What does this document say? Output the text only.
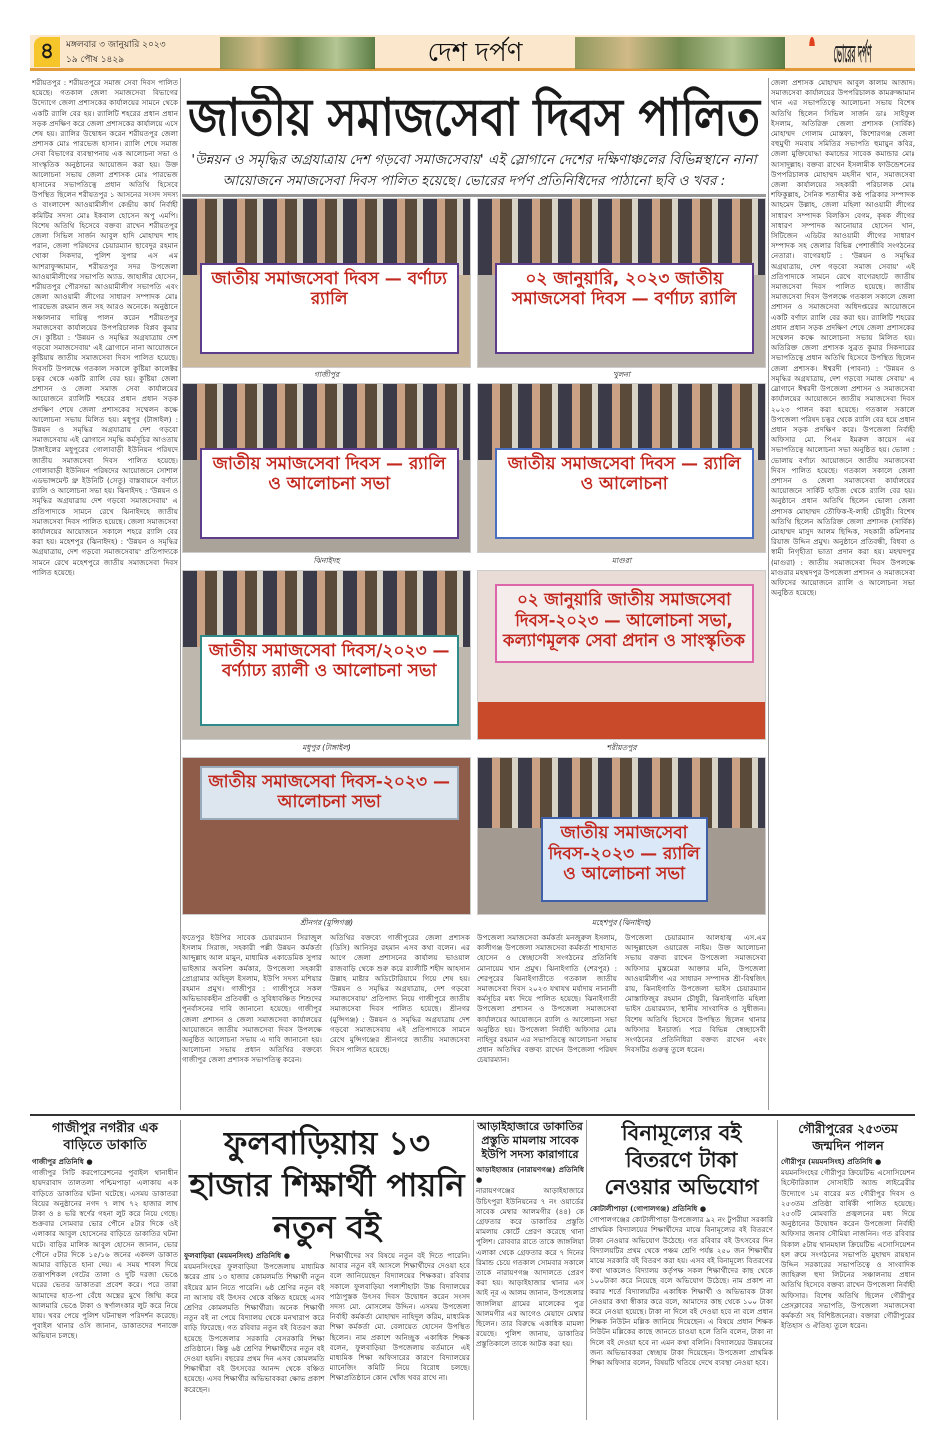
৪	মঙ্গলবার ৩ জানুয়ারি ২০২৩
১৯ পৌষ ১৪২৯	দেশ দর্পণ	ভোরের দর্পণ

শরীয়তপুর : শরীয়তপুরে সমাজ সেবা দিবস পালিত হয়েছে। গতকাল জেলা সমাজসেবা বিভাগের উদ্যোগে জেলা প্রশাসকের কার্যালয়ের সামনে থেকে একটি র‌্যালি বের হয়। র‌্যালিটি শহরের প্রধান প্রধান সড়ক প্রদক্ষিণ করে জেলা প্রশাসকের কার্যালয়ে এসে শেষ হয়। র‌্যালির উদ্বোধন করেন শরীয়তপুর জেলা প্রশাসক মোঃ পারভেজ হাসান। র‌্যালি শেষে সমাজ সেবা বিভাগের ব্যবস্থাপনায় এক আলোচনা সভা ও সাংস্কৃতিক অনুষ্ঠানের আয়োজন করা হয়। উক্ত আলোচনা সভায় জেলা প্রশাসক মোঃ পারভেজ হাসানের সভাপতিত্বে প্রধান অতিথি হিসেবে উপস্থিত ছিলেন শরীয়তপুর ১ আসনের সংসদ সদস্য ও বাংলাদেশ আওয়ামীলীগ কেন্দ্রীয় কার্য নির্বাহী কমিটির সদস্য মোঃ ইকবাল হোসেন অপু এমপি। বিশেষ অতিথি হিসেবে বক্তব্য রাখেন শরীয়তপুর জেলা সিভিল সার্জন আবুল হাদি মোহাম্মদ শাহ পরান, জেলা পরিষদের চেয়ারম্যান ছাবেদুর রহমান খোকা সিকদার, পুলিশ সুপার এস এম আশরাফুজ্জামান, শরীয়তপুর সদর উপজেলা আওয়ামীলীগের সভাপতি অ্যাড. জাহাঙ্গীর হোসেন, শরীয়তপুর পৌরসভা আওয়ামীলীগ সভাপতি এবং জেলা আওয়ামী লীগের সাধারণ সম্পাদক মোঃ পারভেজ রহমান জন সহ আরও অনেকে। অনুষ্ঠানে সঞ্চালনার দায়িত্ব পালন করেন শরীয়তপুর সমাজসেবা কার্যালয়ের উপপরিচালক বিপ্লব কুমার দে। কুষ্টিয়া : 'উন্নয়ন ও সমৃদ্ধির অগ্রযাত্রায় দেশ গড়বো সমাজসেবায়' এই স্লোগানে নানা আয়োজনে কুষ্টিয়ায় জাতীয় সমাজসেবা দিবস পালিত হয়েছে। দিবসটি উপলক্ষে গতকাল সকালে কুষ্টিয়া কালেক্টর চত্বর থেকে একটি র‌্যালি বের হয়। কুষ্টিয়া জেলা প্রশাসন ও জেলা সমাজ সেবা কার্যালয়ের আয়োজনে র‌্যালিটি শহরের প্রধান প্রধান সড়ক প্রদক্ষিণ শেষে জেলা প্রশাসকের সম্মেলন কক্ষে আলোচনা সভায় মিলিত হয়। মধুপুর (টাঙ্গাইল) : উন্নয়ন ও সমৃদ্ধির অগ্রযাত্রায় দেশ গড়বো সমাজসেবায় এই স্লোগানে সমৃদ্ধি কর্মসূচির আওতায় টাঙ্গাইলের মধুপুরের গোলাবাড়ী ইউনিয়ন পরিষদে জাতীয় সমাজসেবা দিবস পালিত হয়েছে। গোলাবাড়ী ইউনিয়ন পরিষদের আয়োজনে সোশাল এডভান্সমেন্ট থ্রু ইউনিটি (সেতু) বাস্তবায়নে বর্ণাঢ্য র‌্যালি ও আলোচনা সভা হয়। ঝিনাইদহ : 'উন্নয়ন ও সমৃদ্ধির অগ্রযাত্রায় দেশ গড়বো সমাজসেবায়' এ প্রতিপাদ্যকে সামনে রেখে ঝিনাইদহে জাতীয় সমাজসেবা দিবস পালিত হয়েছে। জেলা সমাজসেবা কার্যালয়ের আয়োজনে সকালে শহরে র‌্যালি বের করা হয়। মহেশপুর (ঝিনাইদহ) : 'উন্নয়ন ও সমৃদ্ধির অগ্রযাত্রায়, দেশ গড়বো সমাজসেবায়' প্রতিপাদ্যকে সামনে রেখে মহেশপুরে জাতীয় সমাজসেবা দিবস পালিত হয়েছে।

জাতীয় সমাজসেবা দিবস পালিত
'উন্নয়ন ও সমৃদ্ধির অগ্রযাত্রায় দেশ গড়বো সমাজসেবায়' এই স্লোগানে দেশের দক্ষিণাঞ্চলের বিভিন্নস্থানে নানা আয়োজনে সমাজসেবা দিবস পালিত হয়েছে। ভোরের দর্পণ প্রতিনিধিদের পাঠানো ছবি ও খবর :
জাতীয় সমাজসেবা দিবস — বর্ণাঢ্য র‌্যালি
গাজীপুর
০২ জানুয়ারি, ২০২৩ জাতীয় সমাজসেবা দিবস — বর্ণাঢ্য র‌্যালি
খুলনা
জাতীয় সমাজসেবা দিবস — র‌্যালি ও আলোচনা সভা
ঝিনাইদহ
জাতীয় সমাজসেবা দিবস — র‌্যালি ও আলোচনা
মাগুরা
জাতীয় সমাজসেবা দিবস/২০২৩ — বর্ণ্যাঢ্য র‌্যালী ও আলোচনা সভা
মধুপুর (টাঙ্গাইল)
০২ জানুয়ারি জাতীয় সমাজসেবা দিবস-২০২৩ — আলোচনা সভা, কল্যাণমূলক সেবা প্রদান ও সাংস্কৃতিক
শরীয়তপুর
জাতীয় সমাজসেবা দিবস-২০২৩ — আলোচনা সভা
শ্রীনগর (মুন্সিগঞ্জ)
জাতীয় সমাজসেবা দিবস-২০২৩ — র‌্যালি ও আলোচনা সভা
মহেশপুর (ঝিনাইদহ)

ফতেপুর ইউপির সাবেক চেয়ারম্যান সিরাজুল ইসলাম সিরাজ, সহকারী পল্লী উন্নয়ন কর্মকর্তা আব্দুল্লাহ আল মামুন, মাধ্যমিক একাডেমিক সুপার ভাইজার অবনিশ কর্মকার, উপজেলা সহকারী প্রোগ্রামার অহিদুল ইসলাম, ইউপি সদস্য মশিয়ার রহমান প্রমুখ। গাজীপুর : গাজীপুরে সকল অভিভাবকহীন প্রতিবন্ধী ও সুবিধাবঞ্চিত শিশুদের পুনর্বাসনের দাবি জানানো হয়েছে। গাজীপুর জেলা প্রশাসন ও জেলা সমাজসেবা কার্যালয়ের আয়োজনে জাতীয় সমাজসেবা দিবস উপলক্ষে অনুষ্ঠিত আলোচনা সভায় এ দাবি জানানো হয়। আলোচনা সভায় প্রধান অতিথির বক্তব্যে গাজীপুর জেলা প্রশাসক সভাপতিত্ব করেন।

অতিথির বক্তব্যে গাজীপুরের জেলা প্রশাসক (ডিসি) আনিসুর রহমান এসব কথা বলেন। এর আগে জেলা প্রশাসনের কার্যালয় ভাওয়াল রাজবাড়ি থেকে শুরু করে র‌্যালীটি শহীদ আহসান উল্লাহ মাষ্টার অডিটোরিয়ামে গিয়ে শেষ হয়। 'উন্নয়ন ও সমৃদ্ধির অগ্রযাত্রায়, দেশ গড়বো সমাজসেবায়' প্রতিপাদ্য নিয়ে গাজীপুরে জাতীয় সমাজসেবা দিবস পালিত হয়েছে। শ্রীনগর (মুন্সিগঞ্জ) : উন্নয়ন ও সমৃদ্ধির অগ্রযাত্রায় দেশ গড়বো সমাজসেবায় এই প্রতিপাদ্যকে সামনে রেখে মুন্সিগঞ্জের শ্রীনগরে জাতীয় সমাজসেবা দিবস পালিত হয়েছে।

উপজেলা সমাজসেবা কর্মকর্তা মনজুরুল ইসলাম, কালীগঞ্জ উপজেলা সমাজসেবা কর্মকর্তা শাহাদাত হোসেন ও স্বেচ্ছাসেবী সংগঠনের প্রতিনিধি মোনায়েম খান প্রমুখ। ঝিনাইগাতি (শেরপুর) : শেরপুরের ঝিনাইগাতীতে গতকাল জাতীয় সমাজসেবা দিবস ২০২৩ যথাযথ মর্যাদায় নানানাী কর্মসূচির মধ্য দিয়ে পালিত হয়েছে। ঝিনাইগাতী উপজেলা প্রশাসন ও উপজেলা সমাজসেবা কার্যালয়ের আয়োজনে র‌্যালি ও আলোচনা সভা অনুষ্ঠিত হয়। উপজেলা নির্বাহী অফিসার মোঃ নাহিদুর রহমান এর সভাপতিত্বে আলোচনা সভায় প্রধান অতিথির বক্তব্য রাখেন উপজেলা পরিষদ চেয়ারম্যান।

উপজেলা চেয়ারম্যান আলহাজ্ব এস.এম আব্দুল্লাহেল ওয়ারেজ নাইম। উক্ত আলোচনা সভায় বক্তব্য রাখেন উপজেলা সমাজসেবা অফিসার মুস্তমেরা আক্তার মনি, উপজেলা আওয়ামীলীগ এর সাধারন সম্পাদক শ্রী-বিশ্বজিৎ রায়, ঝিনাইগাতি উপজেলা ভাইস চেয়ারম্যান মোস্তাফিজুর রহমান চৌধুরী, ঝিনাইগাতি মহিলা ভাইস চেয়ারম্যান, স্থানীয় সাংবাদিক ও সুধীজন। বিশেষ অতিথি হিসেবে উপস্থিত ছিলেন থানার অফিসার ইনচার্জ। পরে বিভিন্ন স্বেচ্ছাসেবী সংগঠনের প্রতিনিধিরা বক্তব্য রাখেন এবং দিবসটির গুরুত্ব তুলে ধরেন।

জেলা প্রশাসক মোহাম্মদ আবুল কালাম আজাদ। সমাজসেবা কার্যালয়ের উপপরিচালক কামরুজ্জামান খান এর সভাপতিত্বে আলোচনা সভায় বিশেষ অতিথি ছিলেন সিভিল সার্জন ডাঃ সাইফুল ইসলাম, অতিরিক্ত জেলা প্রশাসক (সার্বিক) মোহাম্মদ গোলাম মোস্তফা, কিশোরগঞ্জ জেলা বহুমুখী সমবায় সমিতির সভাপতি হুমায়ুন কবির, জেলা মুক্তিযোদ্ধা কমান্ডের সাবেক কমান্ডার মোঃ আসাদুল্লাহ। বক্তব্য রাখেন ইসলামীক ফাউন্ডেশনের উপপরিচালক মোহাম্মদ মহসীন খান, সমাজসেবা জেলা কার্যালয়ের সহকারী পরিচালক মোঃ শফিকুল্লাহ, সৈনিক শতাব্দীর কণ্ঠ পত্রিকার সম্পাদক আহমেদ উল্লাহ, জেলা মহিলা আওয়ামী লীগের সাধারণ সম্পাদক বিলকিস বেগম, কৃষক লীগের সাধারণ সম্পাদক আনোয়ার হোসেন খান, সিটিজেন এডিটর আওয়ামী লীগের সাধারণ সম্পাদক সহ জেলার বিভিন্ন পেশাজীবি সংগঠনের নেতারা। বাগেরহাট : 'উন্নয়ন ও সমৃদ্ধির অগ্রযাত্রায়, দেশ গড়বো সমাজ সেবায়' এই প্রতিপাদ্যকে সামনে রেখে বাগেরহাটে জাতীয় সমাজসেবা দিবস পালিত হয়েছে। জাতীয় সমাজসেবা দিবস উপলক্ষে গতকাল সকালে জেলা প্রশাসন ও সমাজসেবা অধিদপ্তরের আয়োজনে একটি বর্ণাঢ্য র‌্যালি বের করা হয়। র‌্যালিটি শহরের প্রধান প্রধান সড়ক প্রদক্ষিণ শেষে জেলা প্রশাসকের সম্মেলন কক্ষে আলোচনা সভায় মিলিত হয়। অতিরিক্ত জেলা প্রশাসক সুব্রত কুমার সিকদারের সভাপতিত্বে প্রধান অতিথি হিসেবে উপস্থিত ছিলেন জেলা প্রশাসক। ঈশ্বরদী (পাবনা) : 'উন্নয়ন ও সমৃদ্ধির অগ্রযাত্রায়, দেশ গড়বো সমাজ সেবায়' এ স্লোগানে ঈশ্বরদী উপজেলা প্রশাসন ও সমাজসেবা কার্যালয়ের আয়োজনে জাতীয় সমাজসেবা দিবস ২০২৩ পালন করা হয়েছে। গতকাল সকালে উপজেলা পরিষদ চত্বর থেকে র‌্যালি বের হয়ে প্রধান প্রধান সড়ক প্রদক্ষিণ করে। উপজেলা নির্বাহী অফিসার মো. পিএম ইমরুল কায়েস এর সভাপতিত্বে আলোচনা সভা অনুষ্ঠিত হয়। ভোলা : ভোলায় বর্ণাঢ্য আয়োজনে জাতীয় সমাজসেবা দিবস পালিত হয়েছে। গতকাল সকালে জেলা প্রশাসন ও জেলা সমাজসেবা কার্যালয়ের আয়োজনে সার্কিট হাউজ থেকে র‌্যালি বের হয়। অনুষ্ঠানে প্রধান অতিথি ছিলেন ভোলা জেলা প্রশাসক মোহাম্মদ তৌফিক-ই-লাহী চৌধুরী। বিশেষ অতিথি ছিলেন অতিরিক্ত জেলা প্রশাসক (সার্বিক) মোহাম্মদ মাসুদ আলম ছিদ্দিক, সহকারী কমিশনার রিয়াজ উদ্দিন প্রমুখ। অনুষ্ঠানে প্রতিবন্ধী, বিধবা ও স্বামী নিগৃহীতা ভাতা প্রদান করা হয়। মহম্মদপুর (মাগুরা) : জাতীয় সমাজসেবা দিবস উপলক্ষে মাগুরার মহম্মদপুর উপজেলা প্রশাসন ও সমাজসেবা অফিসের আয়োজনে র‌্যালি ও আলোচনা সভা অনুষ্ঠিত হয়েছে।

গাজীপুর নগরীর এক বাড়িতে ডাকাতি

গাজীপুর প্রতিনিধি ●

গাজীপুর সিটি করপোরেশনের পুবাইল থানাধীন হায়দরাবাদ তালতলা পশ্চিমপাড়া এলাকায় এক বাড়িতে ডাকাতির ঘটনা ঘটেছে। এসময় ডাকাতরা বিয়ের অনুষ্ঠানের নগদ ৭ লাখ ৭২ হাজার লাখ টাকা ও ৪ ভরি স্বর্ণের গহনা লুট করে নিয়ে গেছে। শুক্রবার সোমবার ভোর পৌনে ৫টার দিকে ওই এলাকার আবুল হোসেনের বাড়িতে ডাকাতির ঘটনা ঘটে। বাড়ির মালিক আবুল হোসেন জানান, ভোর পৌনে ৫টার দিকে ১৫/১৬ জনের একদল ডাকাত আমার বাড়িতে হানা দেয়। এ সময় শাবল দিয়ে তত্তাপশিকল গেটের তালা ও দুটি দরজা ভেঙে ঘরের ভেতর ডাকাতরা প্রবেশ করে। পরে তারা আমাদের হাত-পা বেঁধে অস্ত্রের মুখে জিম্মি করে আলমারি ভেঙে টাকা ও স্বর্ণালংকার লুট করে নিয়ে যায়। খবর পেয়ে পুলিশ ঘটনাস্থল পরিদর্শন করেছে। পুবাইল থানার ওসি জানান, ডাকাতদের শনাক্তে অভিযান চলছে।

ফুলবাড়িয়ায় ১৩ হাজার শিক্ষার্থী পায়নি নতুন বই

ফুলবাড়িয়া (ময়মনসিংহ) প্রতিনিধি ●

ময়মনসিংহের ফুলবাড়িয়া উপজেলায় মাধ্যমিক স্তরের প্রায় ১৩ হাজার কোমলমতি শিক্ষার্থী নতুন বইয়ের ঘ্রান নিতে পারেনি। ৬ষ্ঠ শ্রেণির নতুন বই না আসায় বই উৎসব থেকে বঞ্চিত হয়েছে এসব শ্রেণির কোমলমতি শিক্ষার্থীরা। অনেক শিক্ষার্থী নতুন বই না পেয়ে বিদ্যালয় থেকে মনখারাপ করে বাড়ি ফিরেছে। গত রবিবার নতুন বই বিতরণ করা হয়েছে উপজেলার সরকারি বেসরকারি শিক্ষা প্রতিষ্ঠানে। কিন্তু ৬ষ্ঠ শ্রেণির শিক্ষার্থীদের নতুন বই দেওয়া হয়নি। বছরের প্রথম দিন এসব কোমলমতি শিক্ষার্থীরা বই উৎসবের আনন্দ থেকে বঞ্চিত হয়েছে। এসব শিক্ষার্থীর অভিভাবকরা ক্ষোভ প্রকাশ করেছেন।

শিক্ষার্থীদের সব বিষয়ে নতুন বই দিতে পারেনি। আবার নতুন বই আসলে শিক্ষার্থীদের দেওয়া হবে বলে জানিয়েছেন বিদ্যালয়ের শিক্ষকরা। রবিবার সকালে ফুলবাড়িয়া পলাশীহাটা উচ্চ বিদ্যালয়ের পাঠ্যপুস্তক উৎসব দিবস উদ্বোধন করেন সংসদ সদস্য মো. মোসলেম উদ্দিন। এসময় উপজেলা নির্বাহী কর্মকর্তা মোহাম্মদ নাহিদুল করিম, মাধ্যমিক শিক্ষা কর্মকর্তা মো. বেলায়েত হোসেন উপস্থিত ছিলেন। নাম প্রকাশে অনিচ্ছুক একাধিক শিক্ষক বলেন, ফুলবাড়িয়া উপজেলায় বর্তমানে এই মাধ্যমিক শিক্ষা অফিসারের কারণে বিদ্যালয়ের ম্যানেজিং কমিটি নিয়ে বিরোধ চলছে। শিক্ষাপ্রতিষ্ঠানে কোন খোঁজ খবর রাখে না।

আড়াইহাজারে ডাকাতির প্রস্তুতি মামলায় সাবেক ইউপি সদস্য কারাগারে

আড়াইহাজার (নারায়ণগঞ্জ) প্রতিনিধি ●

নারায়ণগঞ্জের আড়াইহাজারে উচিৎপুরা ইউনিয়নের ৭ নং ওয়ার্ডের সাবেক মেম্বার আলমগীর (৪৪) কে গ্রেফতার করে ডাকাতির প্রস্তুতি মামলায় কোর্টে প্রেরণ করেছে থানা পুলিশ। রোববার রাতে তাকে জাঙ্গলিয়া এলাকা থেকে গ্রেফতার করে ৭ দিনের রিমান্ড চেয়ে গতকাল সোমবার সকালে তাকে নারায়ণগঞ্জ আদালতে প্রেরণ করা হয়। আড়াইহাজার থানার এস আই নূর এ আলম জানান, উপজেলার জাঙ্গলিয়া গ্রামের মালেকের পুত্র আলমগীর এর আগেও মেয়াদে মেম্বার ছিলেন। তার বিরুদ্ধে একাধিক মামলা রয়েছে। পুলিশ জানায়, ডাকাতির প্রস্তুতিকালে তাকে আটক করা হয়।

বিনামূল্যের বই বিতরণে টাকা নেওয়ার অভিযোগ

কোটালীপাড়া (গোপালগঞ্জ) প্রতিনিধি ●

গোপালগঞ্জের কোটালীপাড়া উপজেলার ৯২ নং টুপরীয়া সরকারি প্রাথমিক বিদ্যালয়ের শিক্ষার্থীদের মাঝে বিনামূল্যের বই বিতরণে টাকা নেওয়ার অভিযোগ উঠেছে। গত রবিবার বই উৎসবের দিন বিদ্যালয়টির প্রথম থেকে পঞ্চম শ্রেণি পর্যন্ত ২৫০ জন শিক্ষার্থীর মাঝে সরকারি বই বিতরণ করা হয়। এসব বই বিনামূল্যে বিতরণের কথা থাকলেও বিদ্যালয় কর্তৃপক্ষ সকল শিক্ষার্থীদের কাছ থেকে ১০০টাকা করে নিয়েছে বলে অভিযোগ উঠেছে। নাম প্রকাশ না করার শর্তে বিদ্যালয়টির একাধিক শিক্ষার্থী ও অভিভাবক টাকা নেওয়ার কথা স্বীকার করে বলে, আমাদের কাছ থেকে ১০০ টাকা করে নেওয়া হয়েছে। টাকা না দিলে বই দেওয়া হবে না বলে প্রধান শিক্ষক নিউটন মল্লিক জানিয়ে দিয়েছেন। এ বিষয়ে প্রধান শিক্ষক নিউটন মল্লিকের কাছে জানতে চাওয়া হলে তিনি বলেন, টাকা না দিলে বই দেওয়া হবে না এমন কথা বলিনি। বিদ্যালয়ের উন্নয়নের জন্য অভিভাবকরা স্বেচ্ছায় টাকা দিয়েছেন। উপজেলা প্রাথমিক শিক্ষা অফিসার বলেন, বিষয়টি খতিয়ে দেখে ব্যবস্থা নেওয়া হবে।

গৌরীপুরের ২৫৩তম জন্মদিন পালন

গৌরীপুর (ময়মনসিংহ) প্রতিনিধি ●

ময়মনসিংহের গৌরীপুর ক্রিয়েটিভ এসোসিয়েশন হিস্টোরিক্যাল সোসাইটি অ্যান্ড লাইব্রেরীর উদ্যোগে ১ম বারের মত গৌরীপুর দিবস ও ২৫৩তম প্রতিষ্ঠা বার্ষিকী পালিত হয়েছে। ২৫৩টি মোমবাতি প্রজ্বলনের মধ্য দিয়ে অনুষ্ঠানের উদ্বোধন করেন উপজেলা নির্বাহী অফিসার জনাব সৌমিয়া নাজনিন। গত রবিবার বিকাল ৫টায় থানমহাল ক্রিয়েটিভ এসোসিয়েশন হল রুমে সংগঠনের সভাপতি মুহাম্মদ রায়হান উদ্দিন সরকারের সভাপতিত্বে ও সাংবাদিক জাহিরুল হুদা লিটনের সঞ্চালনায় প্রধান অতিথি হিসেবে বক্তব্য রাখেন উপজেলা নির্বাহী অফিসার। বিশেষ অতিথি ছিলেন গৌরীপুর প্রেসক্লাবের সভাপতি, উপজেলা সমাজসেবা কর্মকর্তা সহ বিশিষ্টজনেরা। বক্তারা গৌরীপুরের ইতিহাস ও ঐতিহ্য তুলে ধরেন।
